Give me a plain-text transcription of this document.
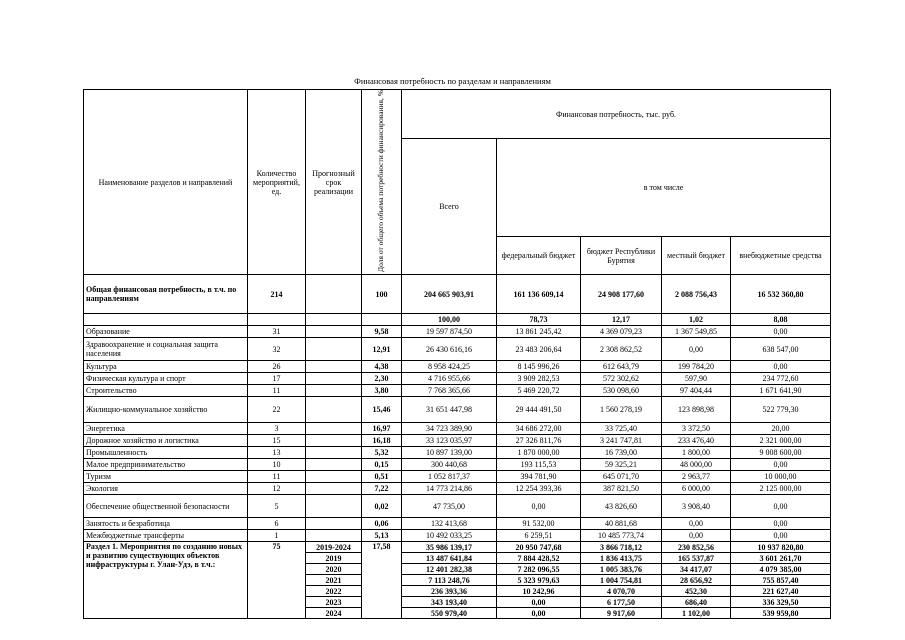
Финансовая потребность по разделам и направлениям
Наименование разделов и направлений	Количество мероприятий, ед.	Прогнозный срок реализации	Доля от общего объема потребности финансирования, %	Финансовая потребность, тыс. руб.				
				Всего	в том числе			
					федеральный бюджет	бюджет Республики Бурятия	местный бюджет	внебюджетные средства
Общая финансовая потребность, в т.ч. по направлениям	214		100	204 665 903,91	161 136 609,14	24 908 177,60	2 088 756,43	16 532 360,80
				100,00	78,73	12,17	1,02	8,08
Образование	31		9,58	19 597 874,50	13 861 245,42	4 369 079,23	1 367 549,85	0,00
Здравоохранение и социальная защита населения	32		12,91	26 430 616,16	23 483 206,64	2 308 862,52	0,00	638 547,00
Культура	26		4,38	8 958 424,25	8 145 996,26	612 643,79	199 784,20	0,00
Физическая культура и спорт	17		2,30	4 716 955,66	3 909 282,53	572 302,62	597,90	234 772,60
Строительство	11		3,80	7 768 365,66	5 469 220,72	530 098,60	97 404,44	1 671 641,90
Жилищно-коммунальное хозяйство	22		15,46	31 651 447,98	29 444 491,50	1 560 278,19	123 898,98	522 779,30
Энергетика	3		16,97	34 723 389,90	34 686 272,00	33 725,40	3 372,50	20,00
Дорожное хозяйство и логистика	15		16,18	33 123 035,97	27 326 811,76	3 241 747,81	233 476,40	2 321 000,00
Промышленность	13		5,32	10 897 139,00	1 870 000,00	16 739,00	1 800,00	9 008 600,00
Малое предпринимательство	10		0,15	300 440,68	193 115,53	59 325,21	48 000,00	0,00
Туризм	11		0,51	1 052 817,37	394 781,90	645 071,70	2 963,77	10 000,00
Экология	12		7,22	14 773 214,86	12 254 393,36	387 821,50	6 000,00	2 125 000,00
Обеспечение общественной безопасности	5		0,02	47 735,00	0,00	43 826,60	3 908,40	0,00
Занятость и безработица	6		0,06	132 413,68	91 532,00	40 881,68	0,00	0,00
Межбюджетные трансферты	1		5,13	10 492 033,25	6 259,51	10 485 773,74	0,00	0,00
Раздел 1. Мероприятия по созданию новых и развитию существующих объектов инфраструктуры г. Улан-Удэ, в т.ч.:	75	2019-2024	17,58	35 986 139,17	20 950 747,68	3 866 718,12	230 852,56	10 937 820,80
		2019		13 487 641,84	7 884 428,52	1 836 413,75	165 537,87	3 601 261,70
		2020		12 401 282,38	7 282 096,55	1 005 383,76	34 417,07	4 079 385,00
		2021		7 113 248,76	5 323 979,63	1 004 754,81	28 656,92	755 857,40
		2022		236 393,36	10 242,96	4 070,70	452,30	221 627,40
		2023		343 193,40	0,00	6 177,50	686,40	336 329,50
		2024		550 979,40	0,00	9 917,60	1 102,00	539 959,80
